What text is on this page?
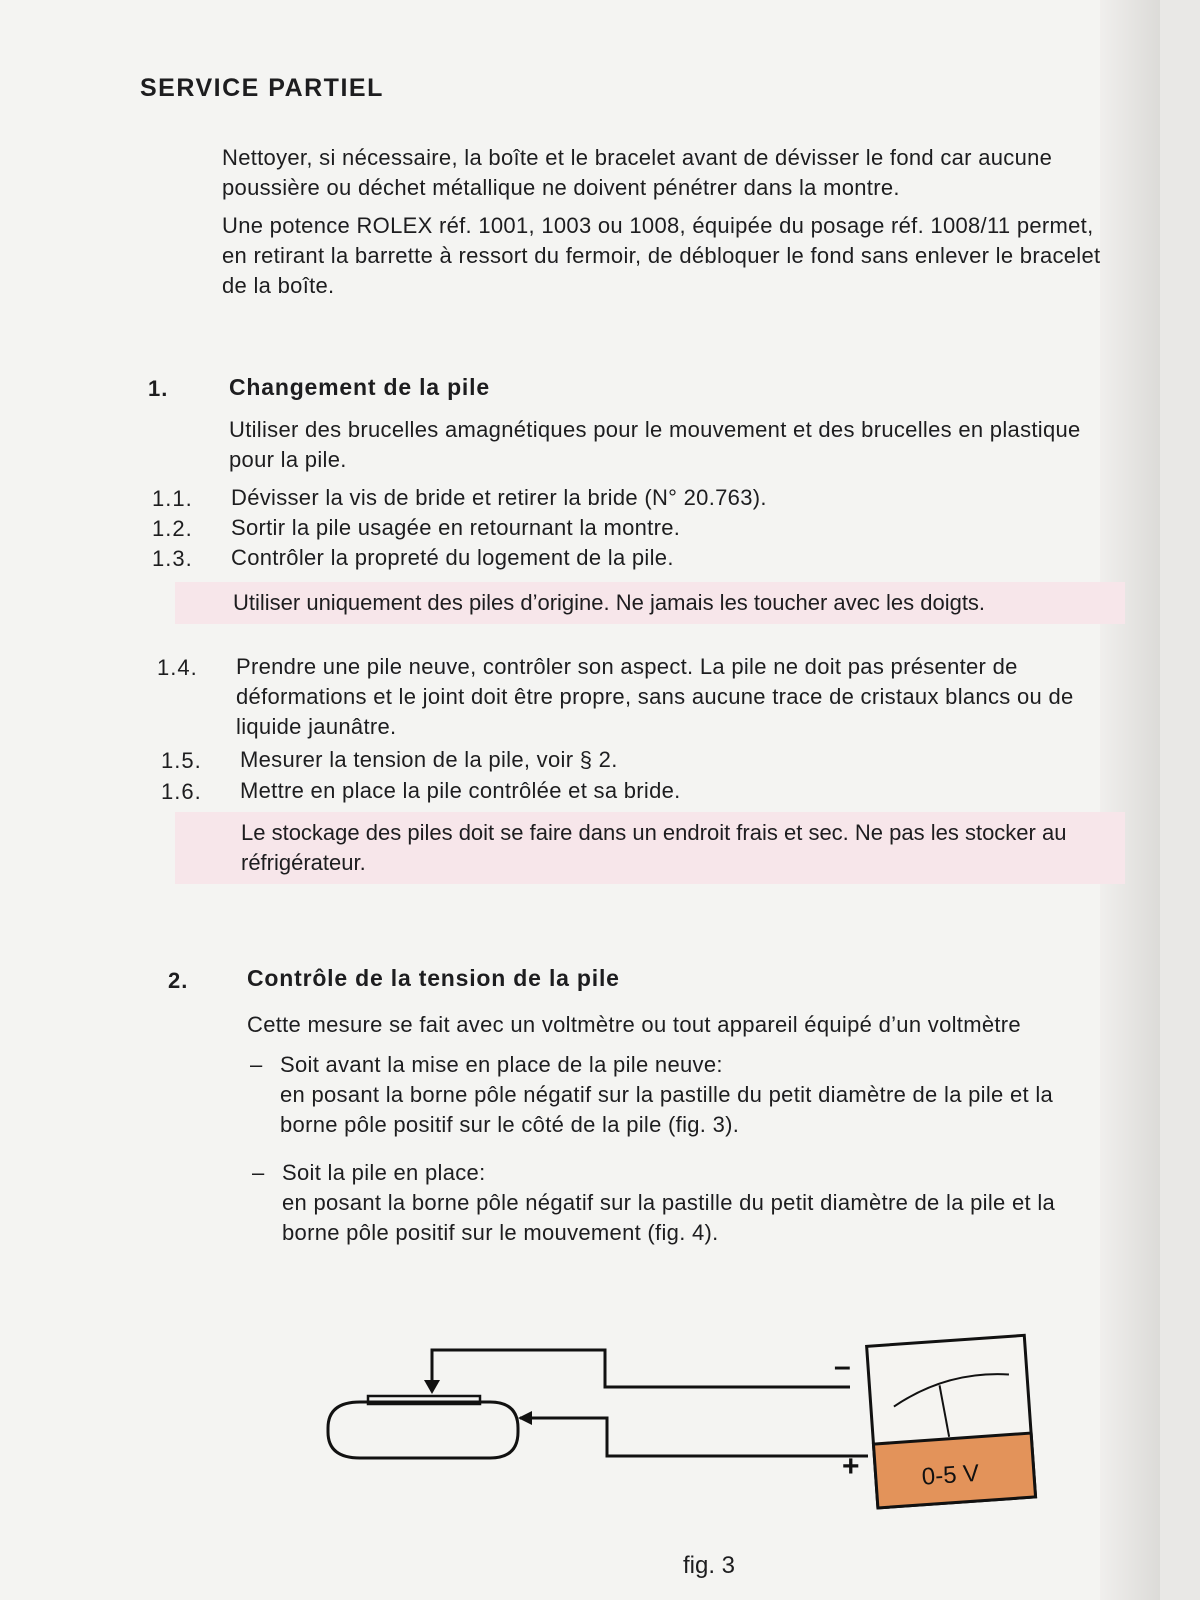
SERVICE PARTIEL

Nettoyer, si nécessaire, la boîte et le bracelet avant de dévisser le fond car aucune poussière ou déchet métallique ne doivent pénétrer dans la montre.

Une potence ROLEX réf. 1001, 1003 ou 1008, équipée du posage réf. 1008/11 permet, en retirant la barrette à ressort du fermoir, de débloquer le fond sans enlever le bracelet de la boîte.

1.	Changement de la pile

Utiliser des brucelles amagnétiques pour le mouvement et des brucelles en plastique pour la pile.

1.1. Dévisser la vis de bride et retirer la bride (N° 20.763).
1.2. Sortir la pile usagée en retournant la montre.
1.3. Contrôler la propreté du logement de la pile.
Utiliser uniquement des piles d’origine. Ne jamais les toucher avec les doigts.
1.4. Prendre une pile neuve, contrôler son aspect. La pile ne doit pas présenter de déformations et le joint doit être propre, sans aucune trace de cristaux blancs ou de liquide jaunâtre.
1.5. Mesurer la tension de la pile, voir § 2.
1.6. Mettre en place la pile contrôlée et sa bride.
Le stockage des piles doit se faire dans un endroit frais et sec. Ne pas les stocker au réfrigérateur.
2.	Contrôle de la tension de la pile

Cette mesure se fait avec un voltmètre ou tout appareil équipé d’un voltmètre

– Soit avant la mise en place de la pile neuve:
en posant la borne pôle négatif sur la pastille du petit diamètre de la pile et la borne pôle positif sur le côté de la pile (fig. 3).
– Soit la pile en place:
en posant la borne pôle négatif sur la pastille du petit diamètre de la pile et la borne pôle positif sur le mouvement (fig. 4).
–
+	0-5 V
fig. 3
